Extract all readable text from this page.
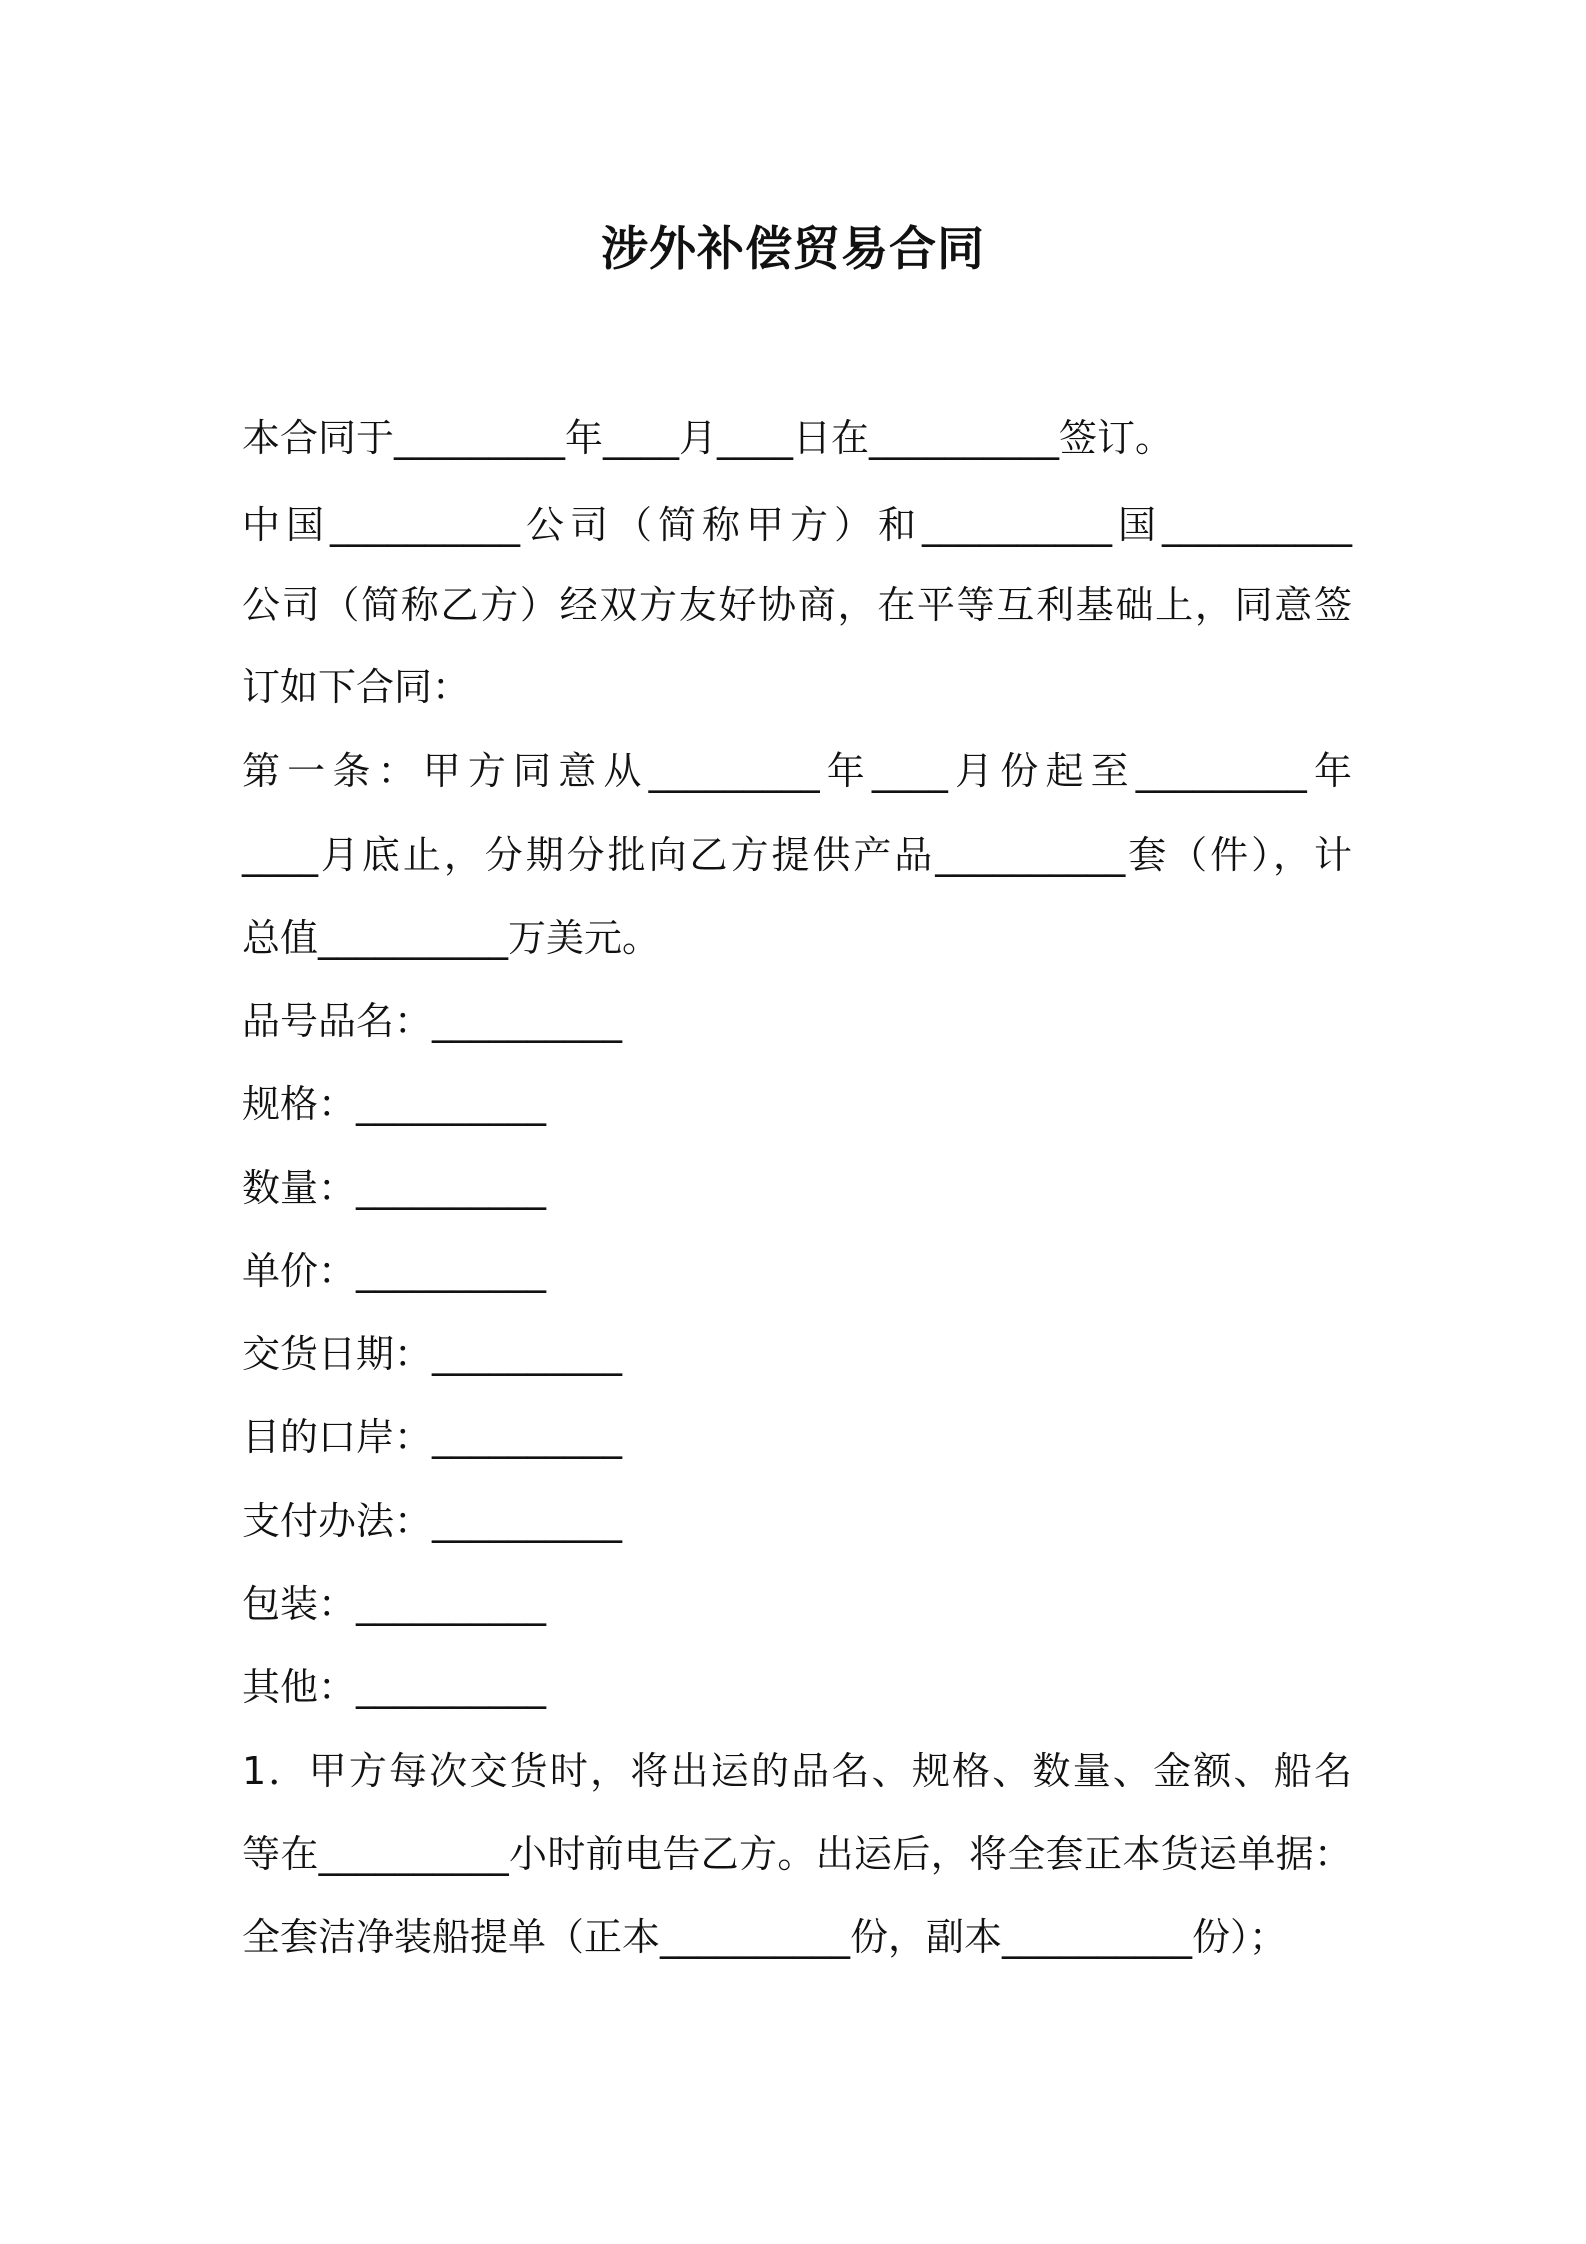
涉外补偿贸易合同
本合同于_________年____月____日在__________签订。
中国__________公司（简称甲方）和__________国__________
公司（简称乙方）经双方友好协商，在平等互利基础上，同意签
订如下合同：
第一条：甲方同意从_________年____月份起至_________年
____月底止，分期分批向乙方提供产品__________套（件），计
总值__________万美元。
品号品名：__________
规格：__________
数量：__________
单价：__________
交货日期：__________
目的口岸：__________
支付办法：__________
包装：__________
其他：__________
1．甲方每次交货时，将出运的品名、规格、数量、金额、船名
等在__________小时前电告乙方。出运后，将全套正本货运单据：
全套洁净装船提单（正本__________份，副本__________份）；
